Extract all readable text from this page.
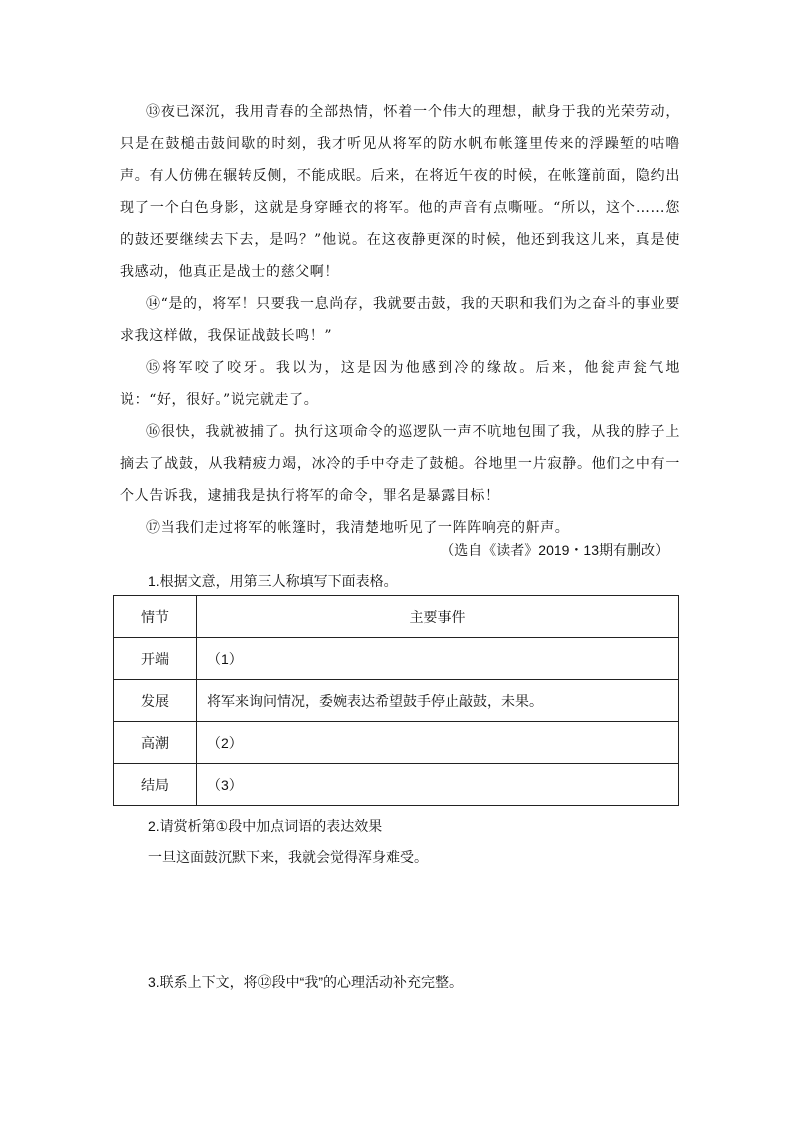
⑬夜已深沉，我用青春的全部热情，怀着一个伟大的理想，献身于我的光荣劳动，只是在鼓槌击鼓间歇的时刻，我才听见从将军的防水帆布帐篷里传来的浮躁堑的咕噜声。有人仿佛在辗转反侧，不能成眠。后来，在将近午夜的时候，在帐篷前面，隐约出现了一个白色身影，这就是身穿睡衣的将军。他的声音有点嘶哑。“所以，这个……您的鼓还要继续去下去，是吗？”他说。在这夜静更深的时候，他还到我这儿来，真是使我感动，他真正是战士的慈父啊！

⑭“是的，将军！只要我一息尚存，我就要击鼓，我的天职和我们为之奋斗的事业要求我这样做，我保证战鼓长鸣！”

⑮将军咬了咬牙。我以为，这是因为他感到冷的缘故。后来，他瓮声瓮气地说：“好，很好。”说完就走了。

⑯很快，我就被捕了。执行这项命令的巡逻队一声不吭地包围了我，从我的脖子上摘去了战鼓，从我精疲力竭，冰冷的手中夺走了鼓槌。谷地里一片寂静。他们之中有一个人告诉我，逮捕我是执行将军的命令，罪名是暴露目标！

⑰当我们走过将军的帐篷时，我清楚地听见了一阵阵响亮的鼾声。

（选自《读者》2019・13期有删改）
1.根据文意，用第三人称填写下面表格。
情节	主要事件
开端	（1）
发展	将军来询问情况，委婉表达希望鼓手停止敲鼓，未果。
高潮	（2）
结局	（3）
2.请赏析第①段中加点词语的表达效果
一旦这面鼓沉默下来，我就会觉得浑身难受。
3.联系上下文，将⑫段中“我”的心理活动补充完整。
